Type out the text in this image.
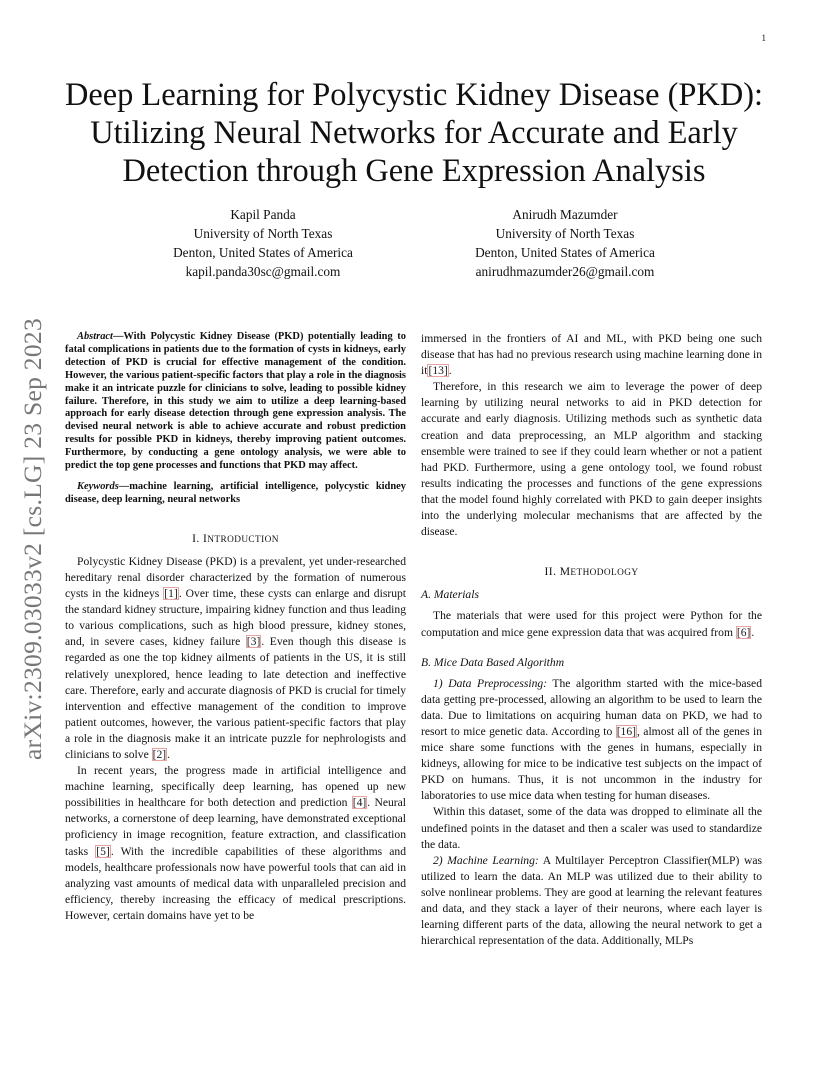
1
arXiv:2309.03033v2 [cs.LG] 23 Sep 2023
Deep Learning for Polycystic Kidney Disease (PKD): Utilizing Neural Networks for Accurate and Early Detection through Gene Expression Analysis
Kapil Panda
University of North Texas
Denton, United States of America
kapil.panda30sc@gmail.com
Anirudh Mazumder
University of North Texas
Denton, United States of America
anirudhmazumder26@gmail.com

Abstract—With Polycystic Kidney Disease (PKD) potentially leading to fatal complications in patients due to the formation of cysts in kidneys, early detection of PKD is crucial for effective management of the condition. However, the various patient-specific factors that play a role in the diagnosis make it an intricate puzzle for clinicians to solve, leading to possible kidney failure. Therefore, in this study we aim to utilize a deep learning-based approach for early disease detection through gene expression analysis. The devised neural network is able to achieve accurate and robust prediction results for possible PKD in kidneys, thereby improving patient outcomes. Furthermore, by conducting a gene ontology analysis, we were able to predict the top gene processes and functions that PKD may affect.

Keywords—machine learning, artificial intelligence, polycystic kidney disease, deep learning, neural networks

I. INTRODUCTION

Polycystic Kidney Disease (PKD) is a prevalent, yet under-researched hereditary renal disorder characterized by the formation of numerous cysts in the kidneys [1]. Over time, these cysts can enlarge and disrupt the standard kidney structure, impairing kidney function and thus leading to various complications, such as high blood pressure, kidney stones, and, in severe cases, kidney failure [3]. Even though this disease is regarded as one the top kidney ailments of patients in the US, it is still relatively unexplored, hence leading to late detection and ineffective care. Therefore, early and accurate diagnosis of PKD is crucial for timely intervention and effective management of the condition to improve patient outcomes, however, the various patient-specific factors that play a role in the diagnosis make it an intricate puzzle for nephrologists and clinicians to solve [2].

In recent years, the progress made in artificial intelligence and machine learning, specifically deep learning, has opened up new possibilities in healthcare for both detection and prediction [4]. Neural networks, a cornerstone of deep learning, have demonstrated exceptional proficiency in image recognition, feature extraction, and classification tasks [5]. With the incredible capabilities of these algorithms and models, healthcare professionals now have powerful tools that can aid in analyzing vast amounts of medical data with unparalleled precision and efficiency, thereby increasing the efficacy of medical prescriptions. However, certain domains have yet to be

immersed in the frontiers of AI and ML, with PKD being one such disease that has had no previous research using machine learning done in it[13].

Therefore, in this research we aim to leverage the power of deep learning by utilizing neural networks to aid in PKD detection for accurate and early diagnosis. Utilizing methods such as synthetic data creation and data preprocessing, an MLP algorithm and stacking ensemble were trained to see if they could learn whether or not a patient had PKD. Furthermore, using a gene ontology tool, we found robust results indicating the processes and functions of the gene expressions that the model found highly correlated with PKD to gain deeper insights into the underlying molecular mechanisms that are affected by the disease.

II. METHODOLOGY

A. Materials

The materials that were used for this project were Python for the computation and mice gene expression data that was acquired from [6].

B. Mice Data Based Algorithm

1) Data Preprocessing: The algorithm started with the mice-based data getting pre-processed, allowing an algorithm to be used to learn the data. Due to limitations on acquiring human data on PKD, we had to resort to mice genetic data. According to [16], almost all of the genes in mice share some functions with the genes in humans, especially in kidneys, allowing for mice to be indicative test subjects on the impact of PKD on humans. Thus, it is not uncommon in the industry for laboratories to use mice data when testing for human diseases.

Within this dataset, some of the data was dropped to eliminate all the undefined points in the dataset and then a scaler was used to standardize the data.

2) Machine Learning: A Multilayer Perceptron Classifier(MLP) was utilized to learn the data. An MLP was utilized due to their ability to solve nonlinear problems. They are good at learning the relevant features and data, and they stack a layer of their neurons, where each layer is learning different parts of the data, allowing the neural network to get a hierarchical representation of the data. Additionally, MLPs
